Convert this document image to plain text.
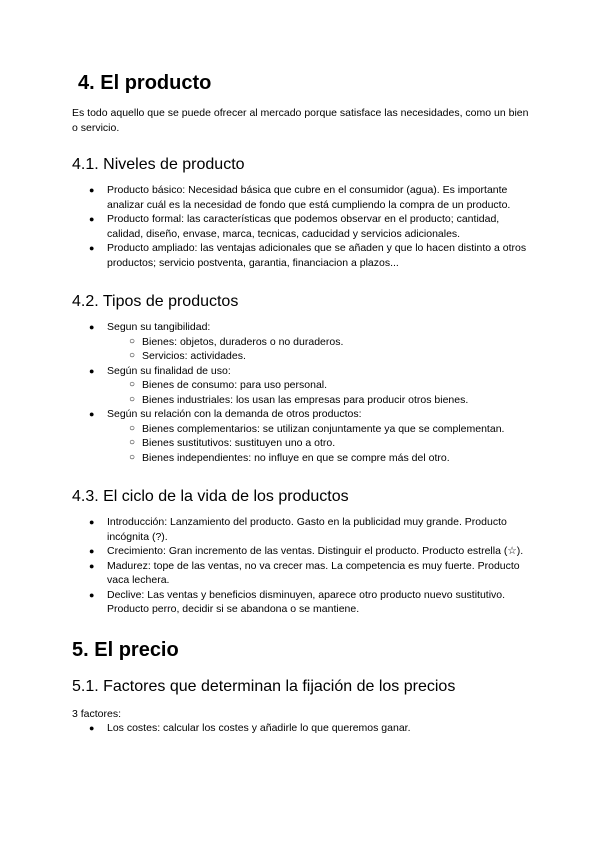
4. El producto

Es todo aquello que se puede ofrecer al mercado porque satisface las necesidades, como un bien o servicio.

4.1. Niveles de producto
● Producto básico: Necesidad básica que cubre en el consumidor (agua). Es importante analizar cuál es la necesidad de fondo que está cumpliendo la compra de un producto.
● Producto formal: las características que podemos observar en el producto; cantidad, calidad, diseño, envase, marca, tecnicas, caducidad y servicios adicionales.
● Producto ampliado: las ventajas adicionales que se añaden y que lo hacen distinto a otros productos; servicio postventa, garantia, financiacion a plazos...
4.2. Tipos de productos
● Segun su tangibilidad:
○ Bienes: objetos, duraderos o no duraderos.
○ Servicios: actividades.
● Según su finalidad de uso:
○ Bienes de consumo: para uso personal.
○ Bienes industriales: los usan las empresas para producir otros bienes.
● Según su relación con la demanda de otros productos:
○ Bienes complementarios: se utilizan conjuntamente ya que se complementan.
○ Bienes sustitutivos: sustituyen uno a otro.
○ Bienes independientes: no influye en que se compre más del otro.
4.3. El ciclo de la vida de los productos
● Introducción: Lanzamiento del producto. Gasto en la publicidad muy grande. Producto incógnita (?).
● Crecimiento: Gran incremento de las ventas. Distinguir el producto. Producto estrella (☆).
● Madurez: tope de las ventas, no va crecer mas. La competencia es muy fuerte. Producto vaca lechera.
● Declive: Las ventas y beneficios disminuyen, aparece otro producto nuevo sustitutivo. Producto perro, decidir si se abandona o se mantiene.
5. El precio
5.1. Factores que determinan la fijación de los precios

3 factores:

● Los costes: calcular los costes y añadirle lo que queremos ganar.
